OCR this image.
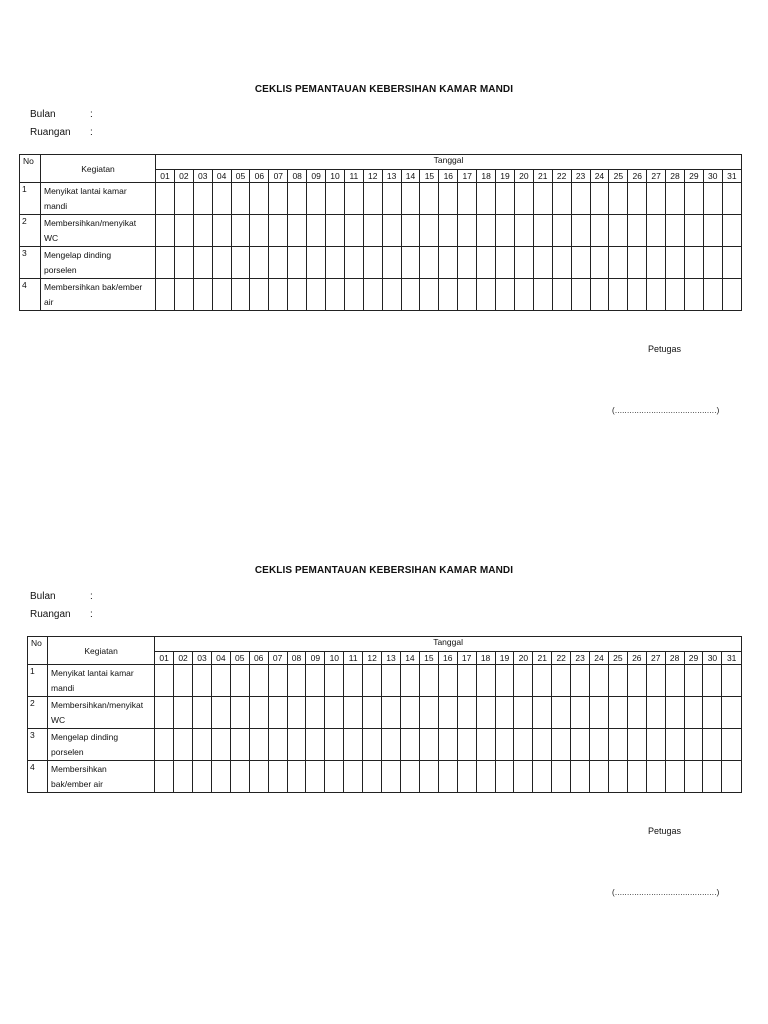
CEKLIS PEMANTAUAN KEBERSIHAN KAMAR MANDI
Bulan	:
Ruangan :
No	Kegiatan	Tanggal																														
		01	02	03	04	05	06	07	08	09	10	11	12	13	14	15	16	17	18	19	20	21	22	23	24	25	26	27	28	29	30	31
1	Menyikat lantai kamar
mandi																															

2	Membersihkan/menyikat
WC																															

3	Mengelap dinding
porselen																															

4	Membersihkan bak/ember
air																															

Petugas
(..........................................)
CEKLIS PEMANTAUAN KEBERSIHAN KAMAR MANDI
Bulan	:
Ruangan :
No	Kegiatan	Tanggal																														
		01	02	03	04	05	06	07	08	09	10	11	12	13	14	15	16	17	18	19	20	21	22	23	24	25	26	27	28	29	30	31
1	Menyikat lantai kamar
mandi																															

2	Membersihkan/menyikat
WC																															

3	Mengelap dinding
porselen																															

4	Membersihkan
bak/ember air																															

Petugas
(..........................................)
